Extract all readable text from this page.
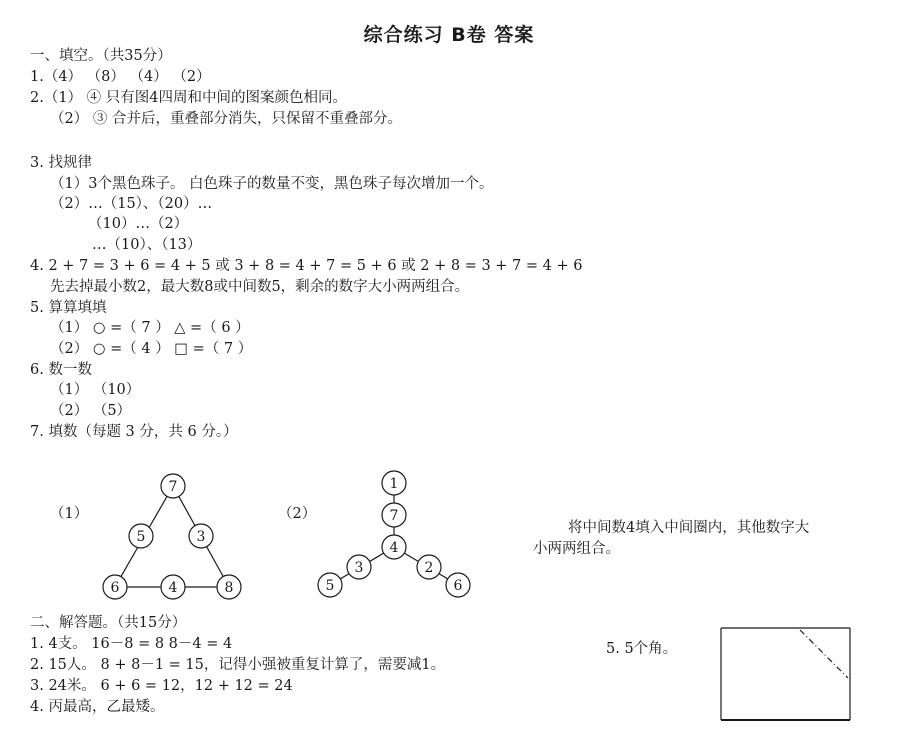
综合练习 B卷 答案
一、填空。（共35分）
1.（4） （8） （4） （2）
2.（1） ④ 只有图4四周和中间的图案颜色相同。
（2） ③ 合并后，重叠部分消失，只保留不重叠部分。
3. 找规律
（1）3个黑色珠子。 白色珠子的数量不变，黑色珠子每次增加一个。
（2）…（15）、（20）…
（10）…（2）
…（10）、（13）
4. 2 + 7 = 3 + 6 = 4 + 5 或 3 + 8 = 4 + 7 = 5 + 6 或 2 + 8 = 3 + 7 = 4 + 6
先去掉最小数2，最大数8或中间数5，剩余的数字大小两两组合。
5. 算算填填
（1） ○ =（ 7 ） △ =（ 6 ）
（2） ○ =（ 4 ） □ =（ 7 ）
6. 数一数
（1） （10）
（2） （5）
7. 填数（每题 3 分，共 6 分。）
（1）	（2）
7
5	3
6	4	8
1
7
4
3
5
2
6
将中间数4填入中间圈内，其他数字大
小两两组合。
二、解答题。（共15分）
1. 4支。 16－8 = 8 8－4 = 4
2. 15人。 8 + 8－1 = 15，记得小强被重复计算了，需要减1。
3. 24米。 6 + 6 = 12，12 + 12 = 24
4. 丙最高，乙最矮。
5. 5个角。
